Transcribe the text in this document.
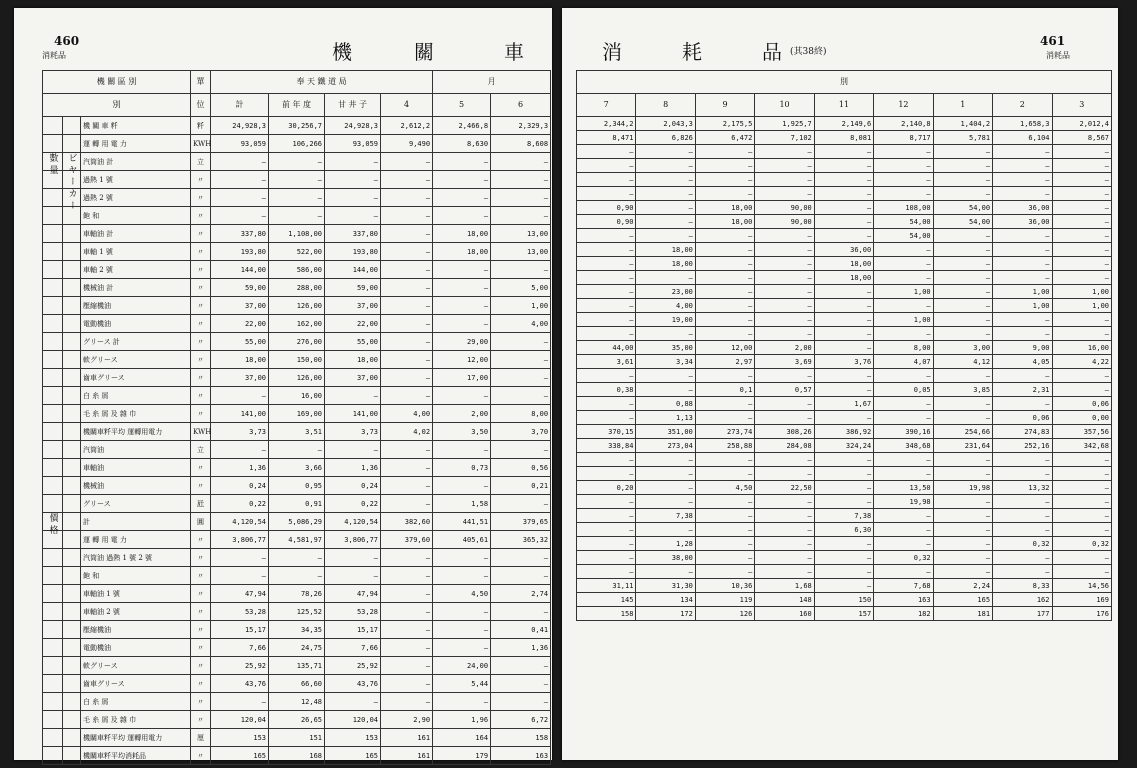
460
消耗品	機	關	車
機 關 區 別			單	奉 天 鐵 道 局				月	
別			位	計	前 年 度	甘 井 子	4	5	6
		機 關 車 粁	粁	24,928,3	30,256,7	24,928,3	2,612,2	2,466,8	2,329,3
		運 轉 用 電 力	KWH	93,059	106,266	93,059	9,490	8,630	8,608
數 量	ビ ヤ ー カ ー	汽筒油 計	立	—	—	—	—	—	—
		過熱 1 號	〃	—	—	—	—	—	—
		過熱 2 號	〃	—	—	—	—	—	—
		飽 和	〃	—	—	—	—	—	—
		車軸油 計	〃	337,80	1,108,00	337,80	—	18,00	13,00
		車軸 1 號	〃	193,80	522,00	193,80	—	18,00	13,00
		車軸 2 號	〃	144,00	586,00	144,00	—	—	—
		機械油 計	〃	59,00	288,00	59,00	—	—	5,00
		壓縮機油	〃	37,00	126,00	37,00	—	—	1,00
		電動機油	〃	22,00	162,00	22,00	—	—	4,00
		グリース 計	〃	55,00	276,00	55,00	—	29,00	—
		軟グリース	〃	18,00	150,00	18,00	—	12,00	—
		齒車グリース	〃	37,00	126,00	37,00	—	17,00	—
		白 糸 屑	〃	—	16,00	—	—	—	—
		毛 糸 屑 及 雜 巾	〃	141,00	169,00	141,00	4,00	2,00	8,00
		機關車粁平均 運轉用電力	KWH	3,73	3,51	3,73	4,02	3,50	3,70
		汽筒油	立	—	—	—	—	—	—
		車軸油	〃	1,36	3,66	1,36	—	0,73	0,56
		機械油	〃	0,24	0,95	0,24	—	—	0,21
		グリース	瓩	0,22	0,91	0,22	—	1,58	—
價 格		計	圓	4,120,54	5,086,29	4,120,54	382,60	441,51	379,65
		運 轉 用 電 力	〃	3,806,77	4,581,97	3,806,77	379,60	405,61	365,32
		汽筒油 過熱 1 號 2 號	〃	—	—	—	—	—	—
		飽 和	〃	—	—	—	—	—	—
		車軸油 1 號	〃	47,94	78,26	47,94	—	4,50	2,74
		車軸油 2 號	〃	53,28	125,52	53,28	—	—	—
		壓縮機油	〃	15,17	34,35	15,17	—	—	0,41
		電動機油	〃	7,66	24,75	7,66	—	—	1,36
		軟グリース	〃	25,92	135,71	25,92	—	24,00	—
		齒車グリース	〃	43,76	66,60	43,76	—	5,44	—
		白 糸 屑	〃	—	12,48	—	—	—	—
		毛 糸 屑 及 雜 巾	〃	120,04	26,65	120,04	2,90	1,96	6,72
		機關車粁平均 運轉用電力	厘	153	151	153	161	164	158
		機關車粁平均消耗品	〃	165	168	165	161	179	163
消	耗	品 (其38終)
461
消耗品
別								
7	8	9	10	11	12	1	2	3
2,344,2	2,043,3	2,175,5	1,925,7	2,149,6	2,140,8	1,404,2	1,658,3	2,012,4
8,471	6,826	6,472	7,102	8,081	8,717	5,781	6,104	8,567
—	—	—	—	—	—	—	—	—
—	—	—	—	—	—	—	—	—
—	—	—	—	—	—	—	—	—
—	—	—	—	—	—	—	—	—
0,90	—	18,00	90,00	—	108,00	54,00	36,00	—
0,90	—	18,00	90,00	—	54,00	54,00	36,00	—
—	—	—	—	—	54,00	—	—	—
—	18,00	—	—	36,00	—	—	—	—
—	18,00	—	—	18,00	—	—	—	—
—	—	—	—	18,00	—	—	—	—
—	23,00	—	—	—	1,00	—	1,00	1,00
—	4,00	—	—	—	—	—	1,00	1,00
—	19,00	—	—	—	1,00	—	—	—
—	—	—	—	—	—	—	—	—
44,00	35,00	12,00	2,00	—	8,00	3,00	9,00	16,00
3,61	3,34	2,97	3,69	3,76	4,07	4,12	4,05	4,22
—	—	—	—	—	—	—	—	—
0,38	—	0,1	0,57	—	0,05	3,85	2,31	—
—	0,88	—	—	1,67	—	—	—	0,06
—	1,13	—	—	—	—	—	0,06	0,00
370,15	351,00	273,74	308,26	386,92	390,16	254,66	274,83	357,56
338,84	273,04	258,88	284,08	324,24	348,68	231,64	252,16	342,68
—	—	—	—	—	—	—	—	—
—	—	—	—	—	—	—	—	—
0,20	—	4,50	22,50	—	13,50	19,98	13,32	—
—	—	—	—	—	19,98	—	—	—
—	7,38	—	—	7,38	—	—	—	—
—	—	—	—	6,30	—	—	—	—
—	1,28	—	—	—	—	—	0,32	0,32
—	38,00	—	—	—	0,32	—	—	—
—	—	—	—	—	—	—	—	—
31,11	31,30	10,36	1,68	—	7,68	2,24	8,33	14,56
145	134	119	148	150	163	165	162	169
158	172	126	160	157	182	181	177	176
